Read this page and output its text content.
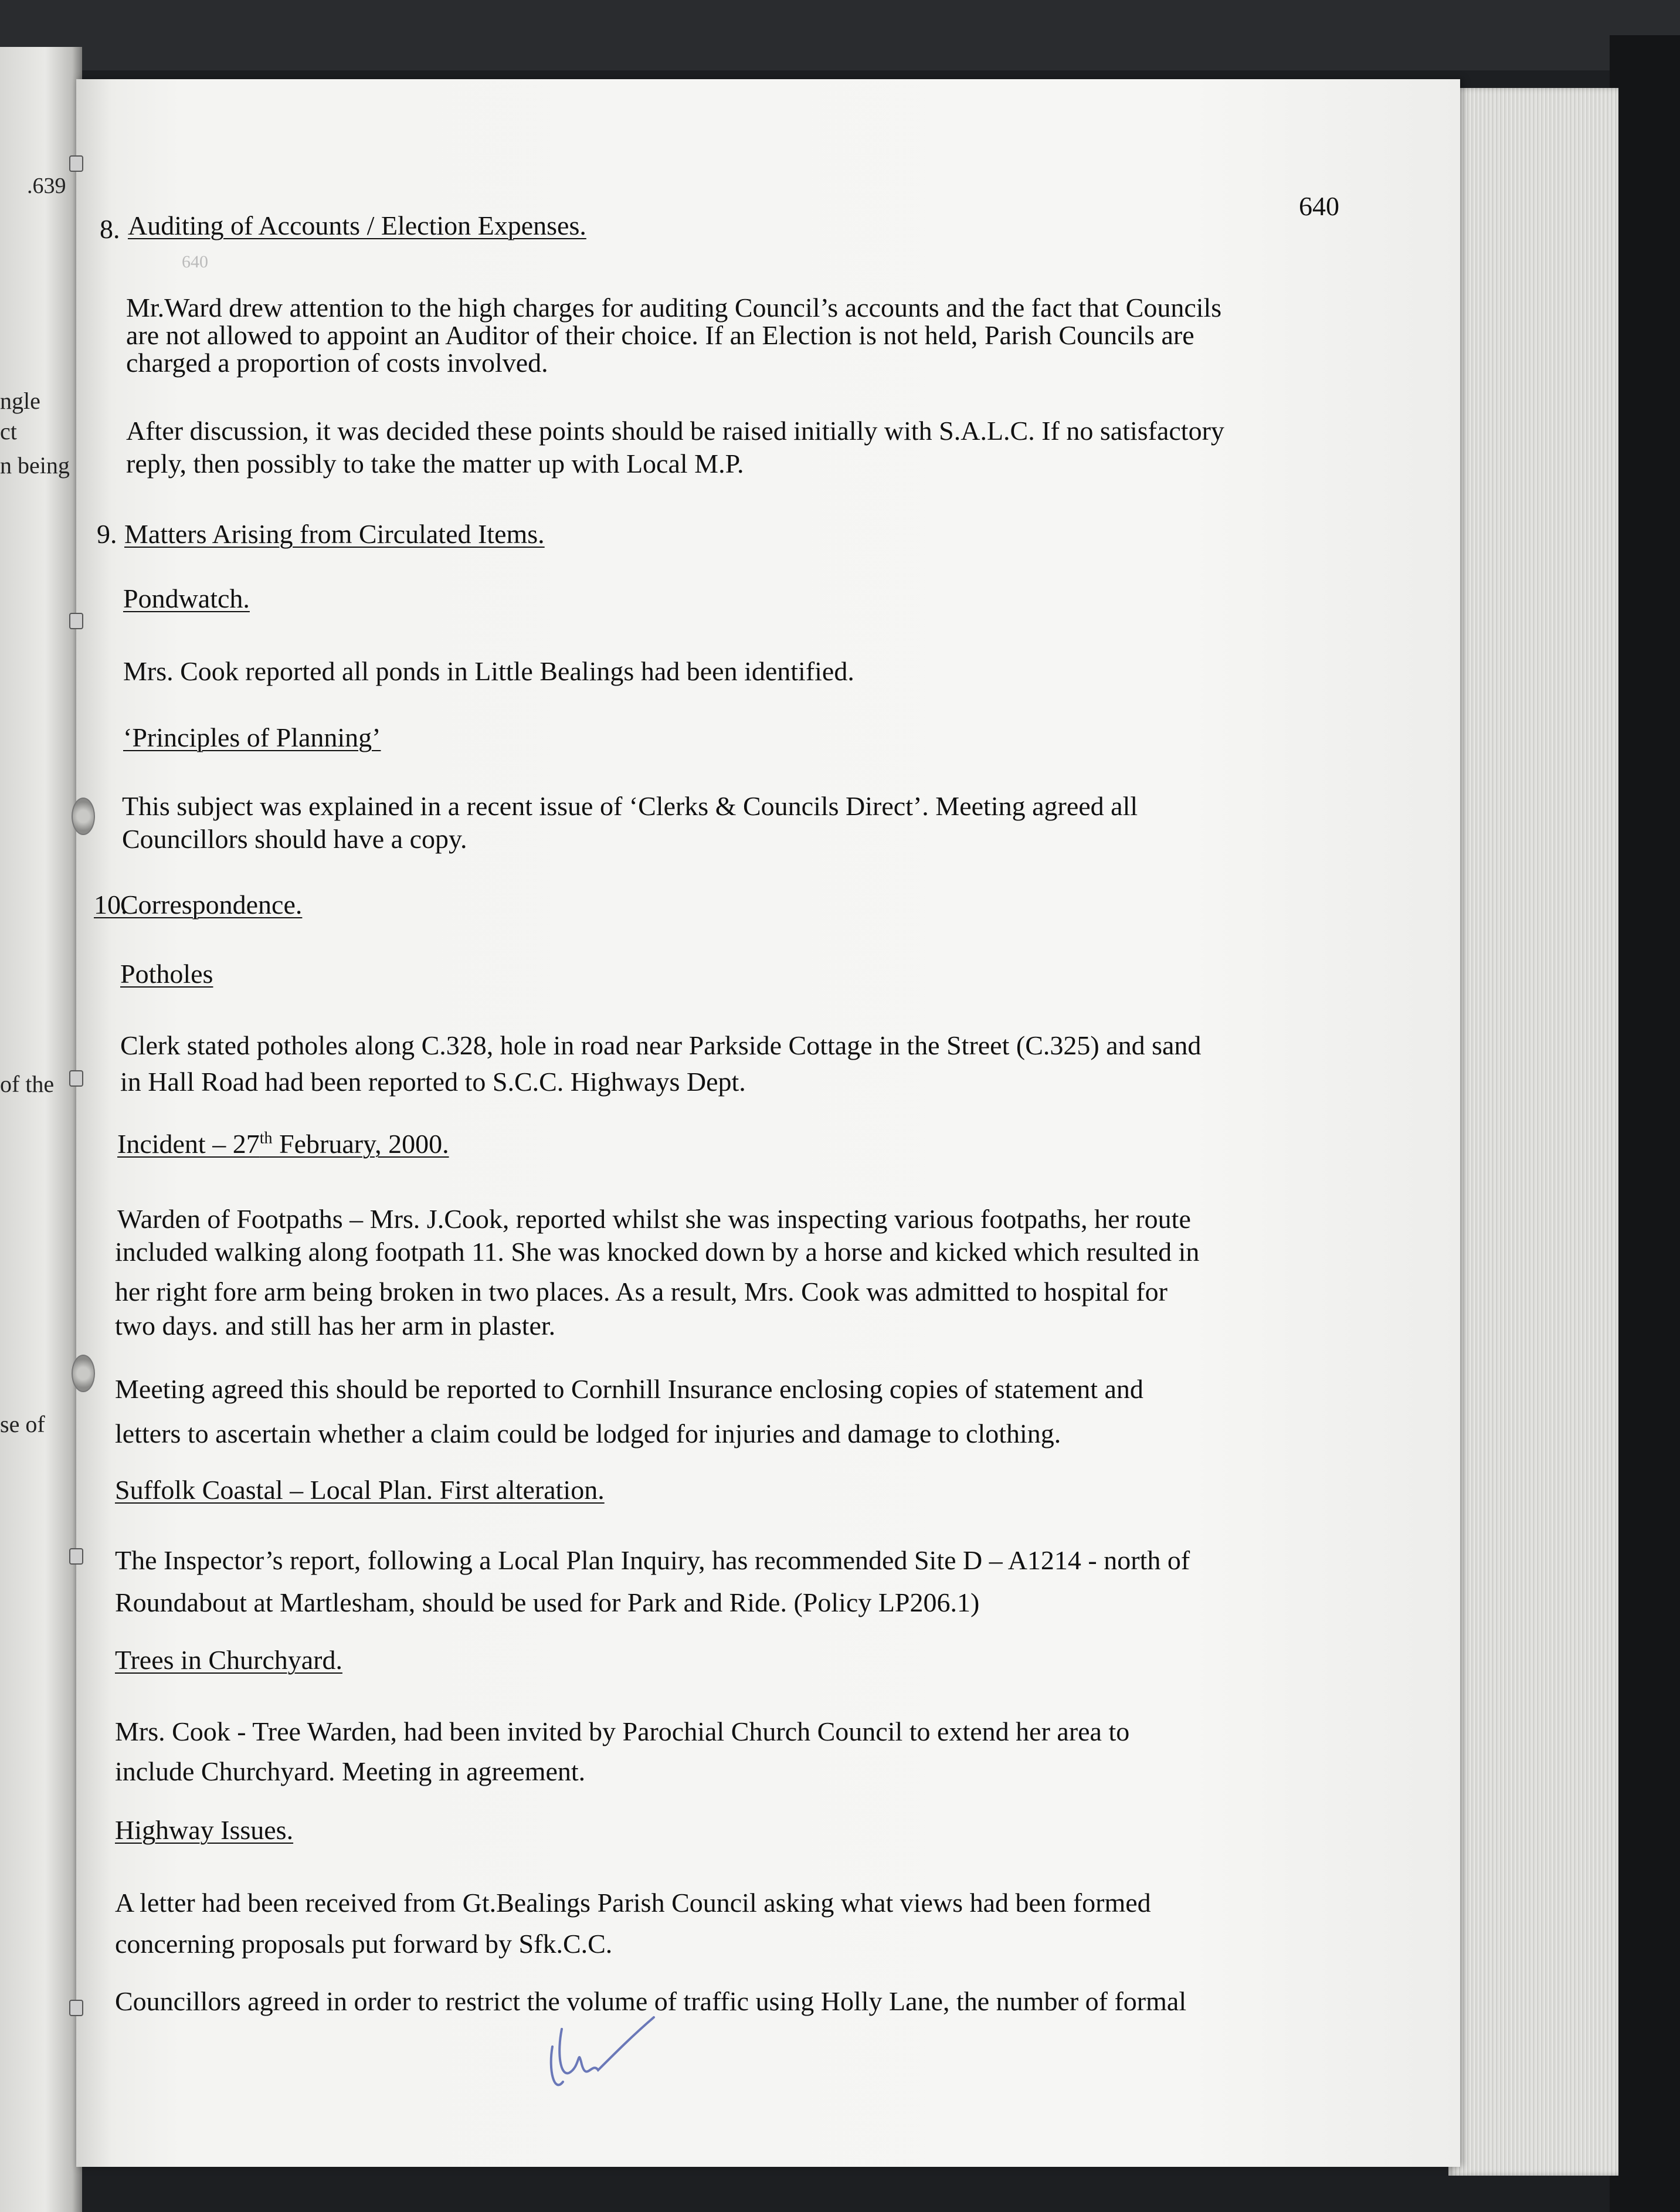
.639
ngle
ct
n being
of the
se of
640
640
8. Auditing of Accounts / Election Expenses.
Mr.Ward drew attention to the high charges for auditing Council’s accounts and the fact that Councils
are not allowed to appoint an Auditor of their choice. If an Election is not held, Parish Councils are
charged a proportion of costs involved.
After discussion, it was decided these points should be raised initially with S.A.L.C. If no satisfactory
reply, then possibly to take the matter up with Local M.P.
9. Matters Arising from Circulated Items.
Pondwatch.
Mrs. Cook reported all ponds in Little Bealings had been identified.
‘Principles of Planning’
This subject was explained in a recent issue of ‘Clerks & Councils Direct’. Meeting agreed all
Councillors should have a copy.
10.
Correspondence.
Potholes
Clerk stated potholes along C.328, hole in road near Parkside Cottage in the Street (C.325) and sand
in Hall Road had been reported to S.C.C. Highways Dept.
Incident – 27th February, 2000.
Warden of Footpaths – Mrs. J.Cook, reported whilst she was inspecting various footpaths, her route
included walking along footpath 11. She was knocked down by a horse and kicked which resulted in
her right fore arm being broken in two places. As a result, Mrs. Cook was admitted to hospital for
two days. and still has her arm in plaster.
Meeting agreed this should be reported to Cornhill Insurance enclosing copies of statement and
letters to ascertain whether a claim could be lodged for injuries and damage to clothing.
Suffolk Coastal – Local Plan. First alteration.
The Inspector’s report, following a Local Plan Inquiry, has recommended Site D – A1214 - north of
Roundabout at Martlesham, should be used for Park and Ride. (Policy LP206.1)
Trees in Churchyard.
Mrs. Cook - Tree Warden, had been invited by Parochial Church Council to extend her area to
include Churchyard. Meeting in agreement.
Highway Issues.
A letter had been received from Gt.Bealings Parish Council asking what views had been formed
concerning proposals put forward by Sfk.C.C.
Councillors agreed in order to restrict the volume of traffic using Holly Lane, the number of formal
